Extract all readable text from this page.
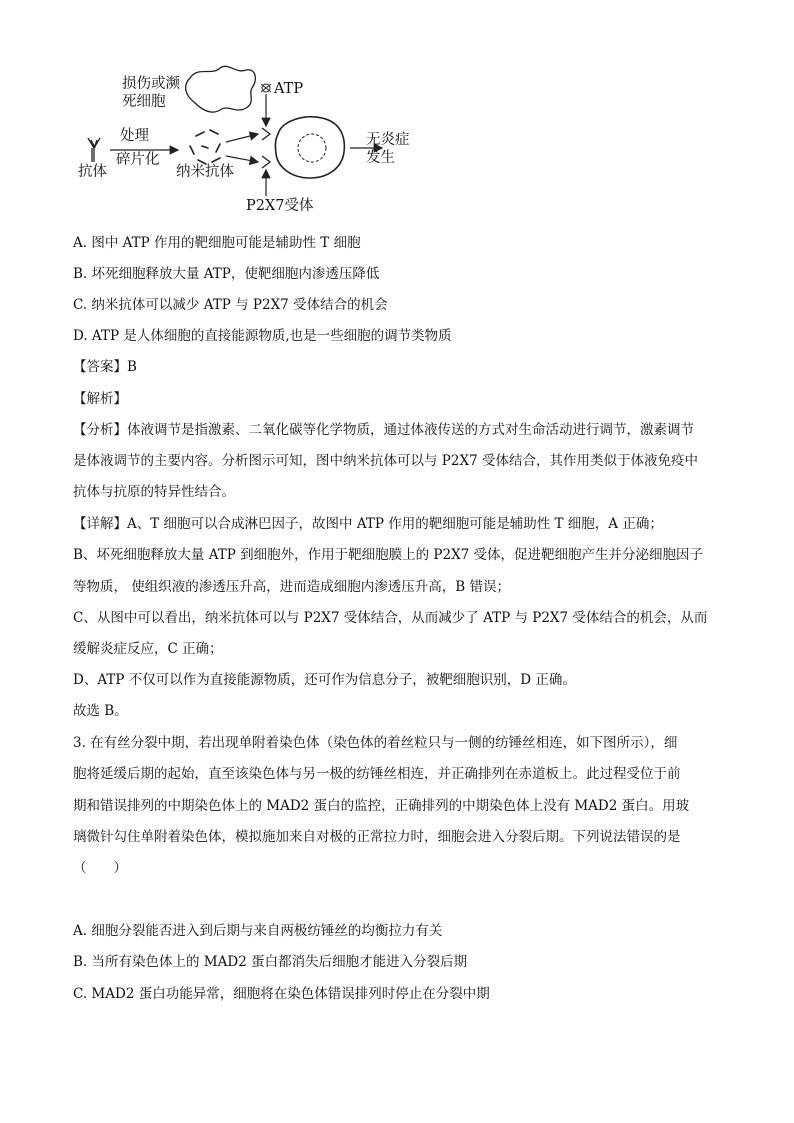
损伤或濒
死细胞
ATP
处理
碎片化
抗体	纳米抗体
无炎症
发生
P2X7受体
A. 图中 ATP 作用的靶细胞可能是辅助性 T 细胞
B. 坏死细胞释放大量 ATP，使靶细胞内渗透压降低
C. 纳米抗体可以减少 ATP 与 P2X7 受体结合的机会
D. ATP 是人体细胞的直接能源物质,也是一些细胞的调节类物质
【答案】B
【解析】
【分析】体液调节是指激素、二氧化碳等化学物质，通过体液传送的方式对生命活动进行调节，激素调节
是体液调节的主要内容。分析图示可知，图中纳米抗体可以与 P2X7 受体结合，其作用类似于体液免疫中
抗体与抗原的特异性结合。
【详解】A、T 细胞可以合成淋巴因子，故图中 ATP 作用的靶细胞可能是辅助性 T 细胞，A 正确；
B、坏死细胞释放大量 ATP 到细胞外，作用于靶细胞膜上的 P2X7 受体，促进靶细胞产生并分泌细胞因子
等物质， 使组织液的渗透压升高，进而造成细胞内渗透压升高，B 错误；
C、从图中可以看出，纳米抗体可以与 P2X7 受体结合，从而减少了 ATP 与 P2X7 受体结合的机会，从而
缓解炎症反应，C 正确；
D、ATP 不仅可以作为直接能源物质，还可作为信息分子，被靶细胞识别，D 正确。
故选 B。
3. 在有丝分裂中期，若出现单附着染色体（染色体的着丝粒只与一侧的纺锤丝相连，如下图所示），细
胞将延缓后期的起始，直至该染色体与另一极的纺锤丝相连，并正确排列在赤道板上。此过程受位于前
期和错误排列的中期染色体上的 MAD2 蛋白的监控，正确排列的中期染色体上没有 MAD2 蛋白。用玻
璃微针勾住单附着染色体，模拟施加来自对极的正常拉力时，细胞会进入分裂后期。下列说法错误的是
（　　）
A. 细胞分裂能否进入到后期与来自两极纺锤丝的均衡拉力有关
B. 当所有染色体上的 MAD2 蛋白都消失后细胞才能进入分裂后期
C. MAD2 蛋白功能异常，细胞将在染色体错误排列时停止在分裂中期
